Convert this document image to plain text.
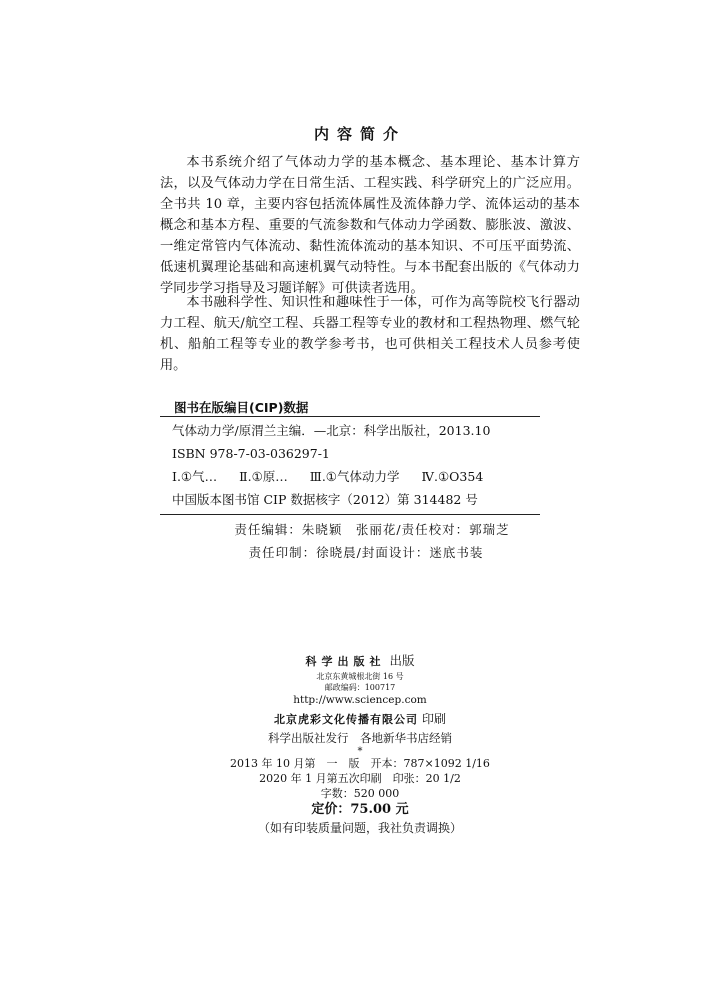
内容简介

本书系统介绍了气体动力学的基本概念、基本理论、基本计算方法，以及气体动力学在日常生活、工程实践、科学研究上的广泛应用。全书共 10 章，主要内容包括流体属性及流体静力学、流体运动的基本概念和基本方程、重要的气流参数和气体动力学函数、膨胀波、激波、一维定常管内气体流动、黏性流体流动的基本知识、不可压平面势流、低速机翼理论基础和高速机翼气动特性。与本书配套出版的《气体动力学同步学习指导及习题详解》可供读者选用。

本书融科学性、知识性和趣味性于一体，可作为高等院校飞行器动力工程、航天/航空工程、兵器工程等专业的教材和工程热物理、燃气轮机、船舶工程等专业的教学参考书，也可供相关工程技术人员参考使用。

图书在版编目(CIP)数据
气体动力学/原渭兰主编．—北京：科学出版社，2013.10
ISBN 978-7-03-036297-1
Ⅰ.①气… Ⅱ.①原… Ⅲ.①气体动力学 Ⅳ.①O354
中国版本图书馆 CIP 数据核字（2012）第 314482 号
责任编辑：朱晓颖　张丽花/责任校对：郭瑞芝
责任印制：徐晓晨/封面设计：迷底书装
科学出版社 出版
北京东黄城根北街 16 号
邮政编码：100717
http://www.sciencep.com
北京虎彩文化传播有限公司 印刷
科学出版社发行　各地新华书店经销
*
2013 年 10 月第　一　版　开本：787×1092 1/16
2020 年 1 月第五次印刷　印张：20 1/2
字数：520 000
定价：75.00 元
（如有印装质量问题，我社负责调换）
